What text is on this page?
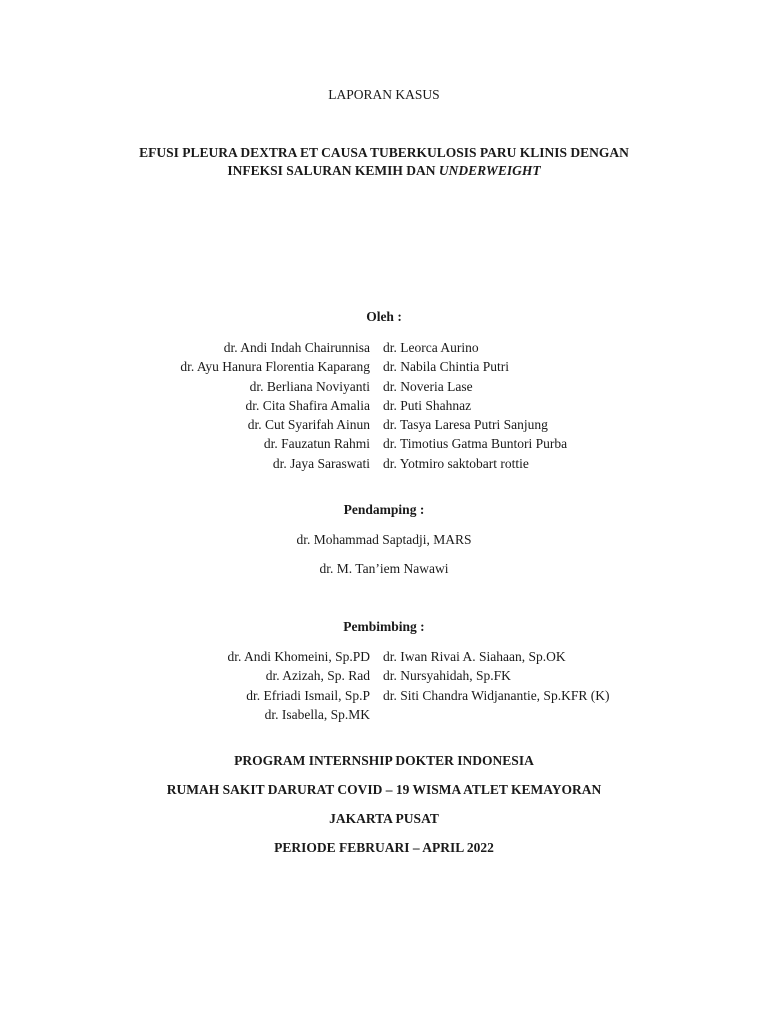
LAPORAN KASUS
EFUSI PLEURA DEXTRA ET CAUSA TUBERKULOSIS PARU KLINIS DENGAN
INFEKSI SALURAN KEMIH DAN UNDERWEIGHT
Oleh :
dr. Andi Indah Chairunnisa
dr. Ayu Hanura Florentia Kaparang
dr. Berliana Noviyanti
dr. Cita Shafira Amalia
dr. Cut Syarifah Ainun
dr. Fauzatun Rahmi
dr. Jaya Saraswati
dr. Leorca Aurino
dr. Nabila Chintia Putri
dr. Noveria Lase
dr. Puti Shahnaz
dr. Tasya Laresa Putri Sanjung
dr. Timotius Gatma Buntori Purba
dr. Yotmiro saktobart rottie
Pendamping :
dr. Mohammad Saptadji, MARS
dr. M. Tan’iem Nawawi
Pembimbing :
dr. Andi Khomeini, Sp.PD
dr. Azizah, Sp. Rad
dr. Efriadi Ismail, Sp.P
dr. Isabella, Sp.MK
dr. Iwan Rivai A. Siahaan, Sp.OK
dr. Nursyahidah, Sp.FK
dr. Siti Chandra Widjanantie, Sp.KFR (K)
PROGRAM INTERNSHIP DOKTER INDONESIA
RUMAH SAKIT DARURAT COVID – 19 WISMA ATLET KEMAYORAN
JAKARTA PUSAT
PERIODE FEBRUARI – APRIL 2022
